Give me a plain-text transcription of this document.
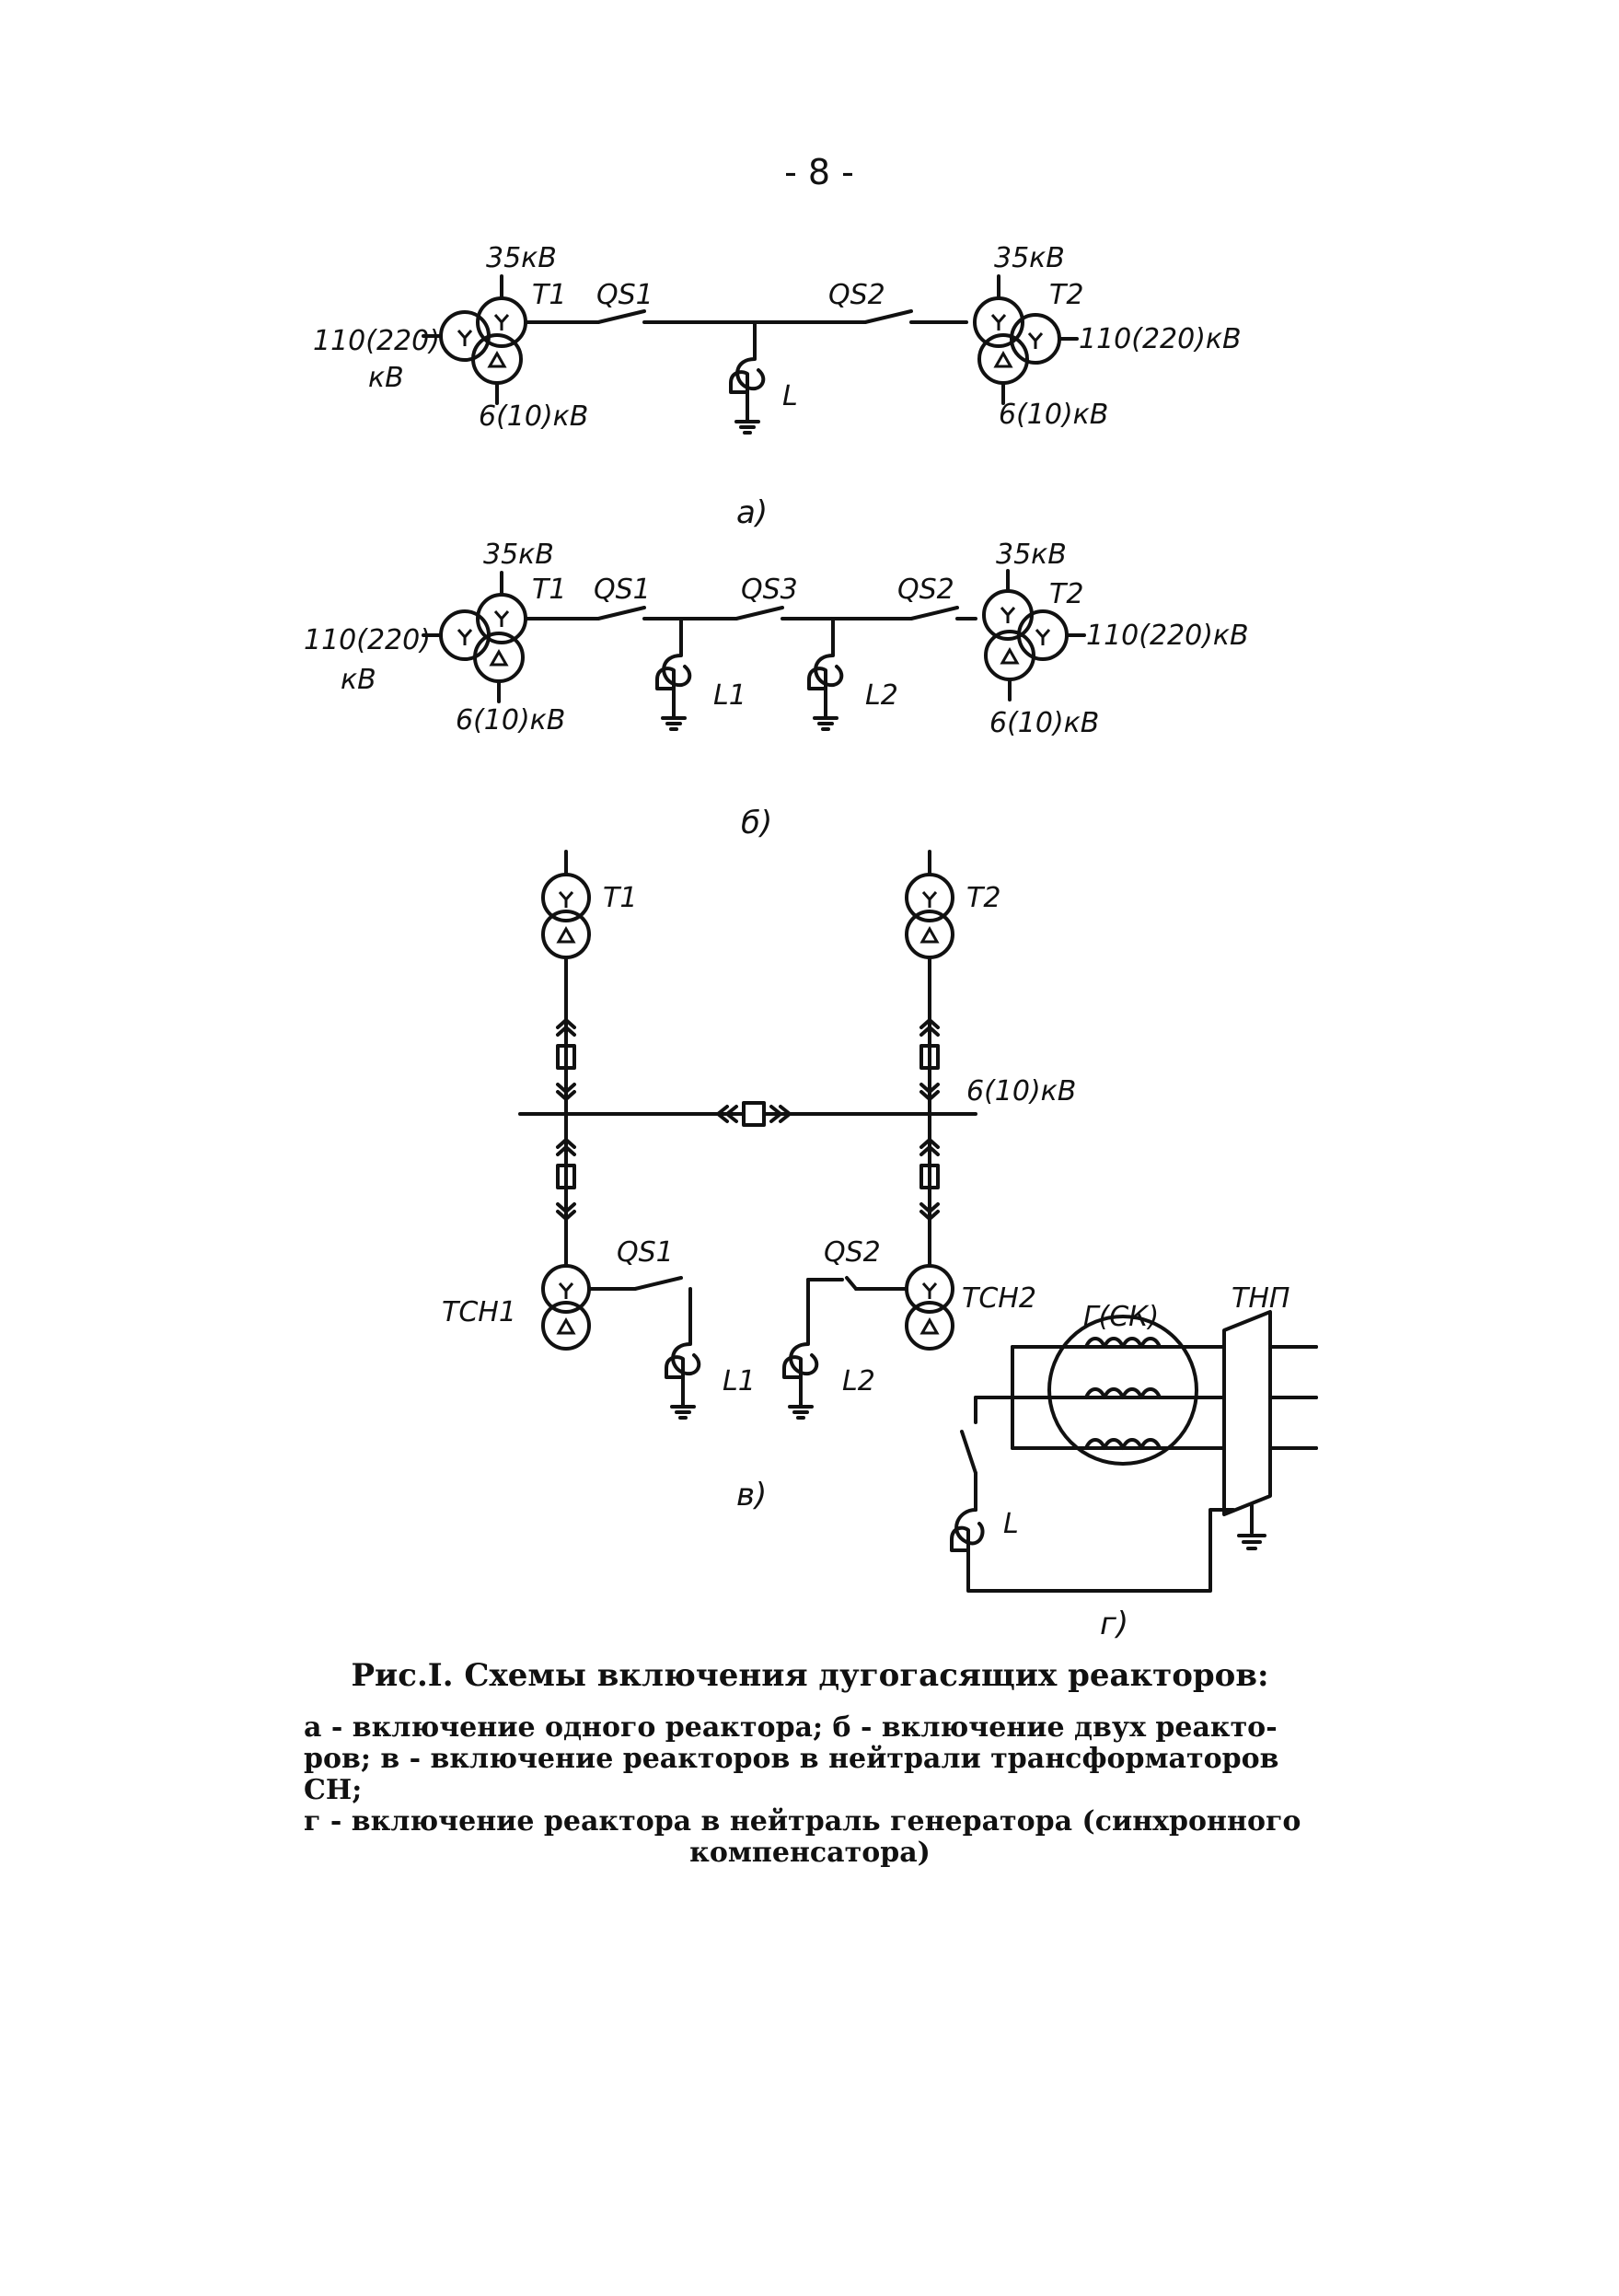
- 8 -
35кВ
T1
110(220)
кВ
6(10)кВ
QS1	QS2
L
35кВ
T2
110(220)кВ
6(10)кВ
а)
35кВ
T1
110(220)
кВ
6(10)кВ
QS1	QS3	QS2
L1	L2
35кВ
T2
110(220)кВ
6(10)кВ
б)
T1	T2
6(10)кВ
ТСН1	ТСН2
QS1	QS2
L1	L2
в)
Г(СК)
ТНП
L
г)
Рис.I. Схемы включения дугогасящих реакторов:
а - включение одного реактора; б - включение двух реакто-
ров; в - включение реакторов в нейтрали трансформаторов СН;
г - включение реактора в нейтраль генератора (синхронного
компенсатора)
